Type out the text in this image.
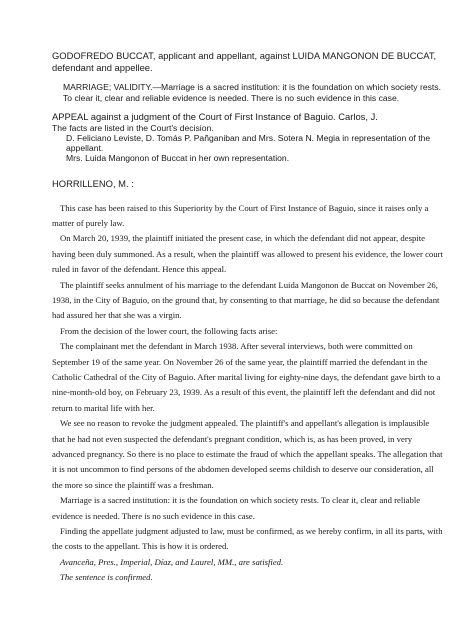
GODOFREDO BUCCAT, applicant and appellant, against LUIDA MANGONON DE BUCCAT, defendant and appellee.

MARRIAGE; VALIDITY.—Marriage is a sacred institution: it is the foundation on which society rests. To clear it, clear and reliable evidence is needed. There is no such evidence in this case.

APPEAL against a judgment of the Court of First Instance of Baguio. Carlos, J.

The facts are listed in the Court's decision.

D. Feliciano Leviste, D. Tomás P. Pañganiban and Mrs. Sotera N. Megia in representation of the appellant.

Mrs. Luida Mangonon of Buccat in her own representation.

HORRILLENO, M. :

This case has been raised to this Superiority by the Court of First Instance of Baguio, since it raises only a matter of purely law.

On March 20, 1939, the plaintiff initiated the present case, in which the defendant did not appear, despite having been duly summoned. As a result, when the plaintiff was allowed to present his evidence, the lower court ruled in favor of the defendant. Hence this appeal.

The plaintiff seeks annulment of his marriage to the defendant Luida Mangonon de Buccat on November 26, 1938, in the City of Baguio, on the ground that, by consenting to that marriage, he did so because the defendant had assured her that she was a virgin.

From the decision of the lower court, the following facts arise:

The complainant met the defendant in March 1938. After several interviews, both were committed on September 19 of the same year. On November 26 of the same year, the plaintiff married the defendant in the Catholic Cathedral of the City of Baguio. After marital living for eighty-nine days, the defendant gave birth to a nine-month-old boy, on February 23, 1939. As a result of this event, the plaintiff left the defendant and did not return to marital life with her.

We see no reason to revoke the judgment appealed. The plaintiff's and appellant's allegation is implausible that he had not even suspected the defendant's pregnant condition, which is, as has been proved, in very advanced pregnancy. So there is no place to estimate the fraud of which the appellant speaks. The allegation that it is not uncommon to find persons of the abdomen developed seems childish to deserve our consideration, all the more so since the plaintiff was a freshman.

Marriage is a sacred institution: it is the foundation on which society rests. To clear it, clear and reliable evidence is needed. There is no such evidence in this case.

Finding the appellate judgment adjusted to law, must be confirmed, as we hereby confirm, in all its parts, with the costs to the appellant. This is how it is ordered.

Avanceña, Pres., Imperial, Díaz, and Laurel, MM., are satisfied.

The sentence is confirmed.
